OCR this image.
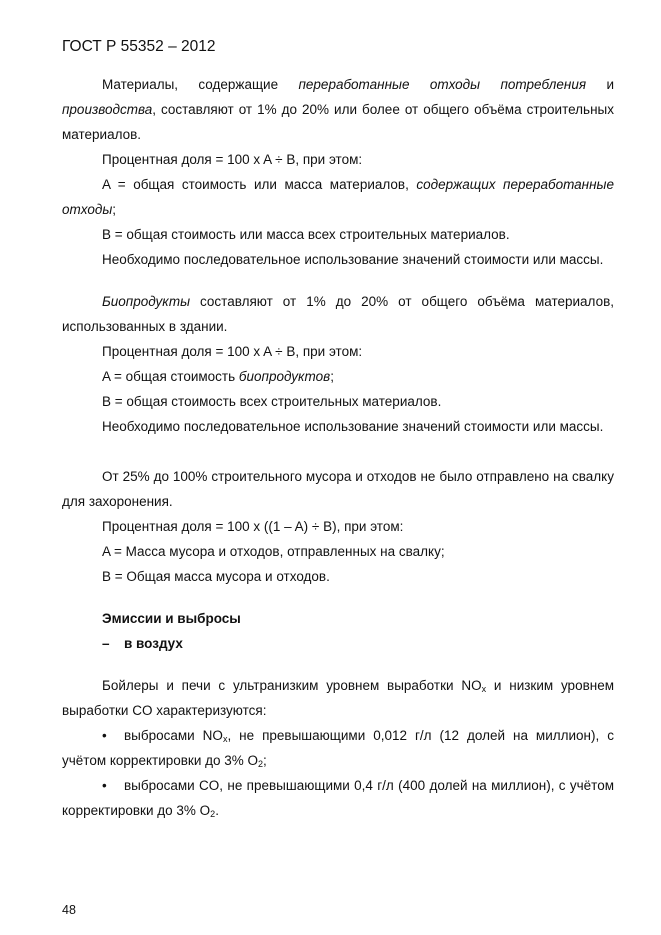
ГОСТ Р 55352 – 2012

Материалы, содержащие переработанные отходы потребления и производства, составляют от 1% до 20% или более от общего объёма строительных материалов.

Процентная доля = 100 x A ÷ B, при этом:

A = общая стоимость или масса материалов, содержащих переработанные отходы;

B = общая стоимость или масса всех строительных материалов.

Необходимо последовательное использование значений стоимости или массы.

Биопродукты составляют от 1% до 20% от общего объёма материалов, использованных в здании.

Процентная доля = 100 x A ÷ B, при этом:

A = общая стоимость биопродуктов;

B = общая стоимость всех строительных материалов.

Необходимо последовательное использование значений стоимости или массы.

От 25% до 100% строительного мусора и отходов не было отправлено на свалку для захоронения.

Процентная доля = 100 x ((1 – A) ÷ B), при этом:

A = Масса мусора и отходов, отправленных на свалку;

B = Общая масса мусора и отходов.

Эмиссии и выбросы

–	в воздух

Бойлеры и печи с ультранизким уровнем выработки $NO_x$ и низким уровнем выработки CO характеризуются:

• выбросами $NO_x$, не превышающими 0,012 г/л (12 долей на миллион), с учётом корректировки до 3% $O_2$;

• выбросами CO, не превышающими 0,4 г/л (400 долей на миллион), с учётом корректировки до 3% $O_2$.

48
